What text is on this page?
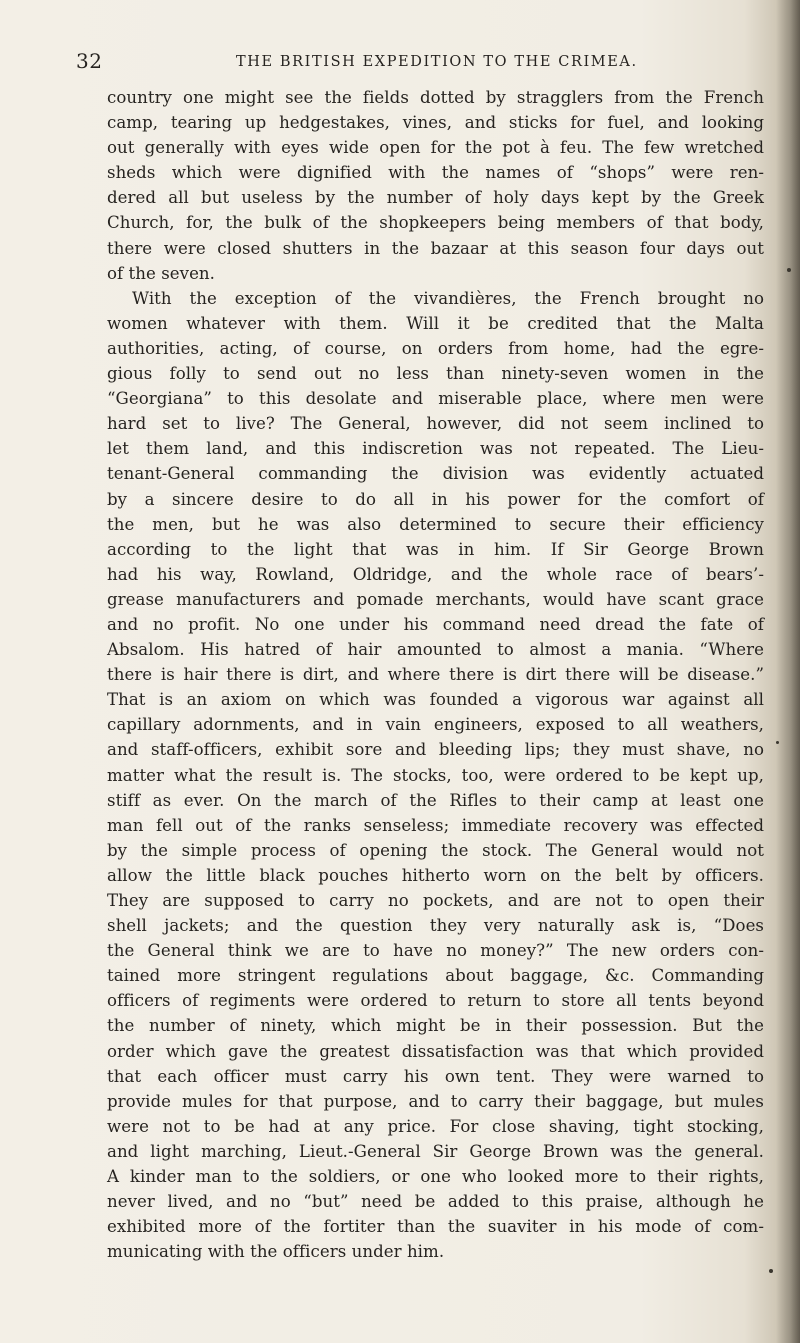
32	THE BRITISH EXPEDITION TO THE CRIMEA.
country one might see the fields dotted by stragglers from the French
camp, tearing up hedgestakes, vines, and sticks for fuel, and looking
out generally with eyes wide open for the pot à feu. The few wretched
sheds which were dignified with the names of “shops” were ren-
dered all but useless by the number of holy days kept by the Greek
Church, for, the bulk of the shopkeepers being members of that body,
there were closed shutters in the bazaar at this season four days out
of the seven.
With the exception of the vivandières, the French brought no
women whatever with them. Will it be credited that the Malta
authorities, acting, of course, on orders from home, had the egre-
gious folly to send out no less than ninety-seven women in the
“Georgiana” to this desolate and miserable place, where men were
hard set to live? The General, however, did not seem inclined to
let them land, and this indiscretion was not repeated. The Lieu-
tenant-General commanding the division was evidently actuated
by a sincere desire to do all in his power for the comfort of
the men, but he was also determined to secure their efficiency
according to the light that was in him. If Sir George Brown
had his way, Rowland, Oldridge, and the whole race of bears’-
grease manufacturers and pomade merchants, would have scant grace
and no profit. No one under his command need dread the fate of
Absalom. His hatred of hair amounted to almost a mania. “Where
there is hair there is dirt, and where there is dirt there will be disease.”
That is an axiom on which was founded a vigorous war against all
capillary adornments, and in vain engineers, exposed to all weathers,
and staff-officers, exhibit sore and bleeding lips; they must shave, no
matter what the result is. The stocks, too, were ordered to be kept up,
stiff as ever. On the march of the Rifles to their camp at least one
man fell out of the ranks senseless; immediate recovery was effected
by the simple process of opening the stock. The General would not
allow the little black pouches hitherto worn on the belt by officers.
They are supposed to carry no pockets, and are not to open their
shell jackets; and the question they very naturally ask is, “Does
the General think we are to have no money?” The new orders con-
tained more stringent regulations about baggage, &c. Commanding
officers of regiments were ordered to return to store all tents beyond
the number of ninety, which might be in their possession. But the
order which gave the greatest dissatisfaction was that which provided
that each officer must carry his own tent. They were warned to
provide mules for that purpose, and to carry their baggage, but mules
were not to be had at any price. For close shaving, tight stocking,
and light marching, Lieut.-General Sir George Brown was the general.
A kinder man to the soldiers, or one who looked more to their rights,
never lived, and no “but” need be added to this praise, although he
exhibited more of the fortiter than the suaviter in his mode of com-
municating with the officers under him.
